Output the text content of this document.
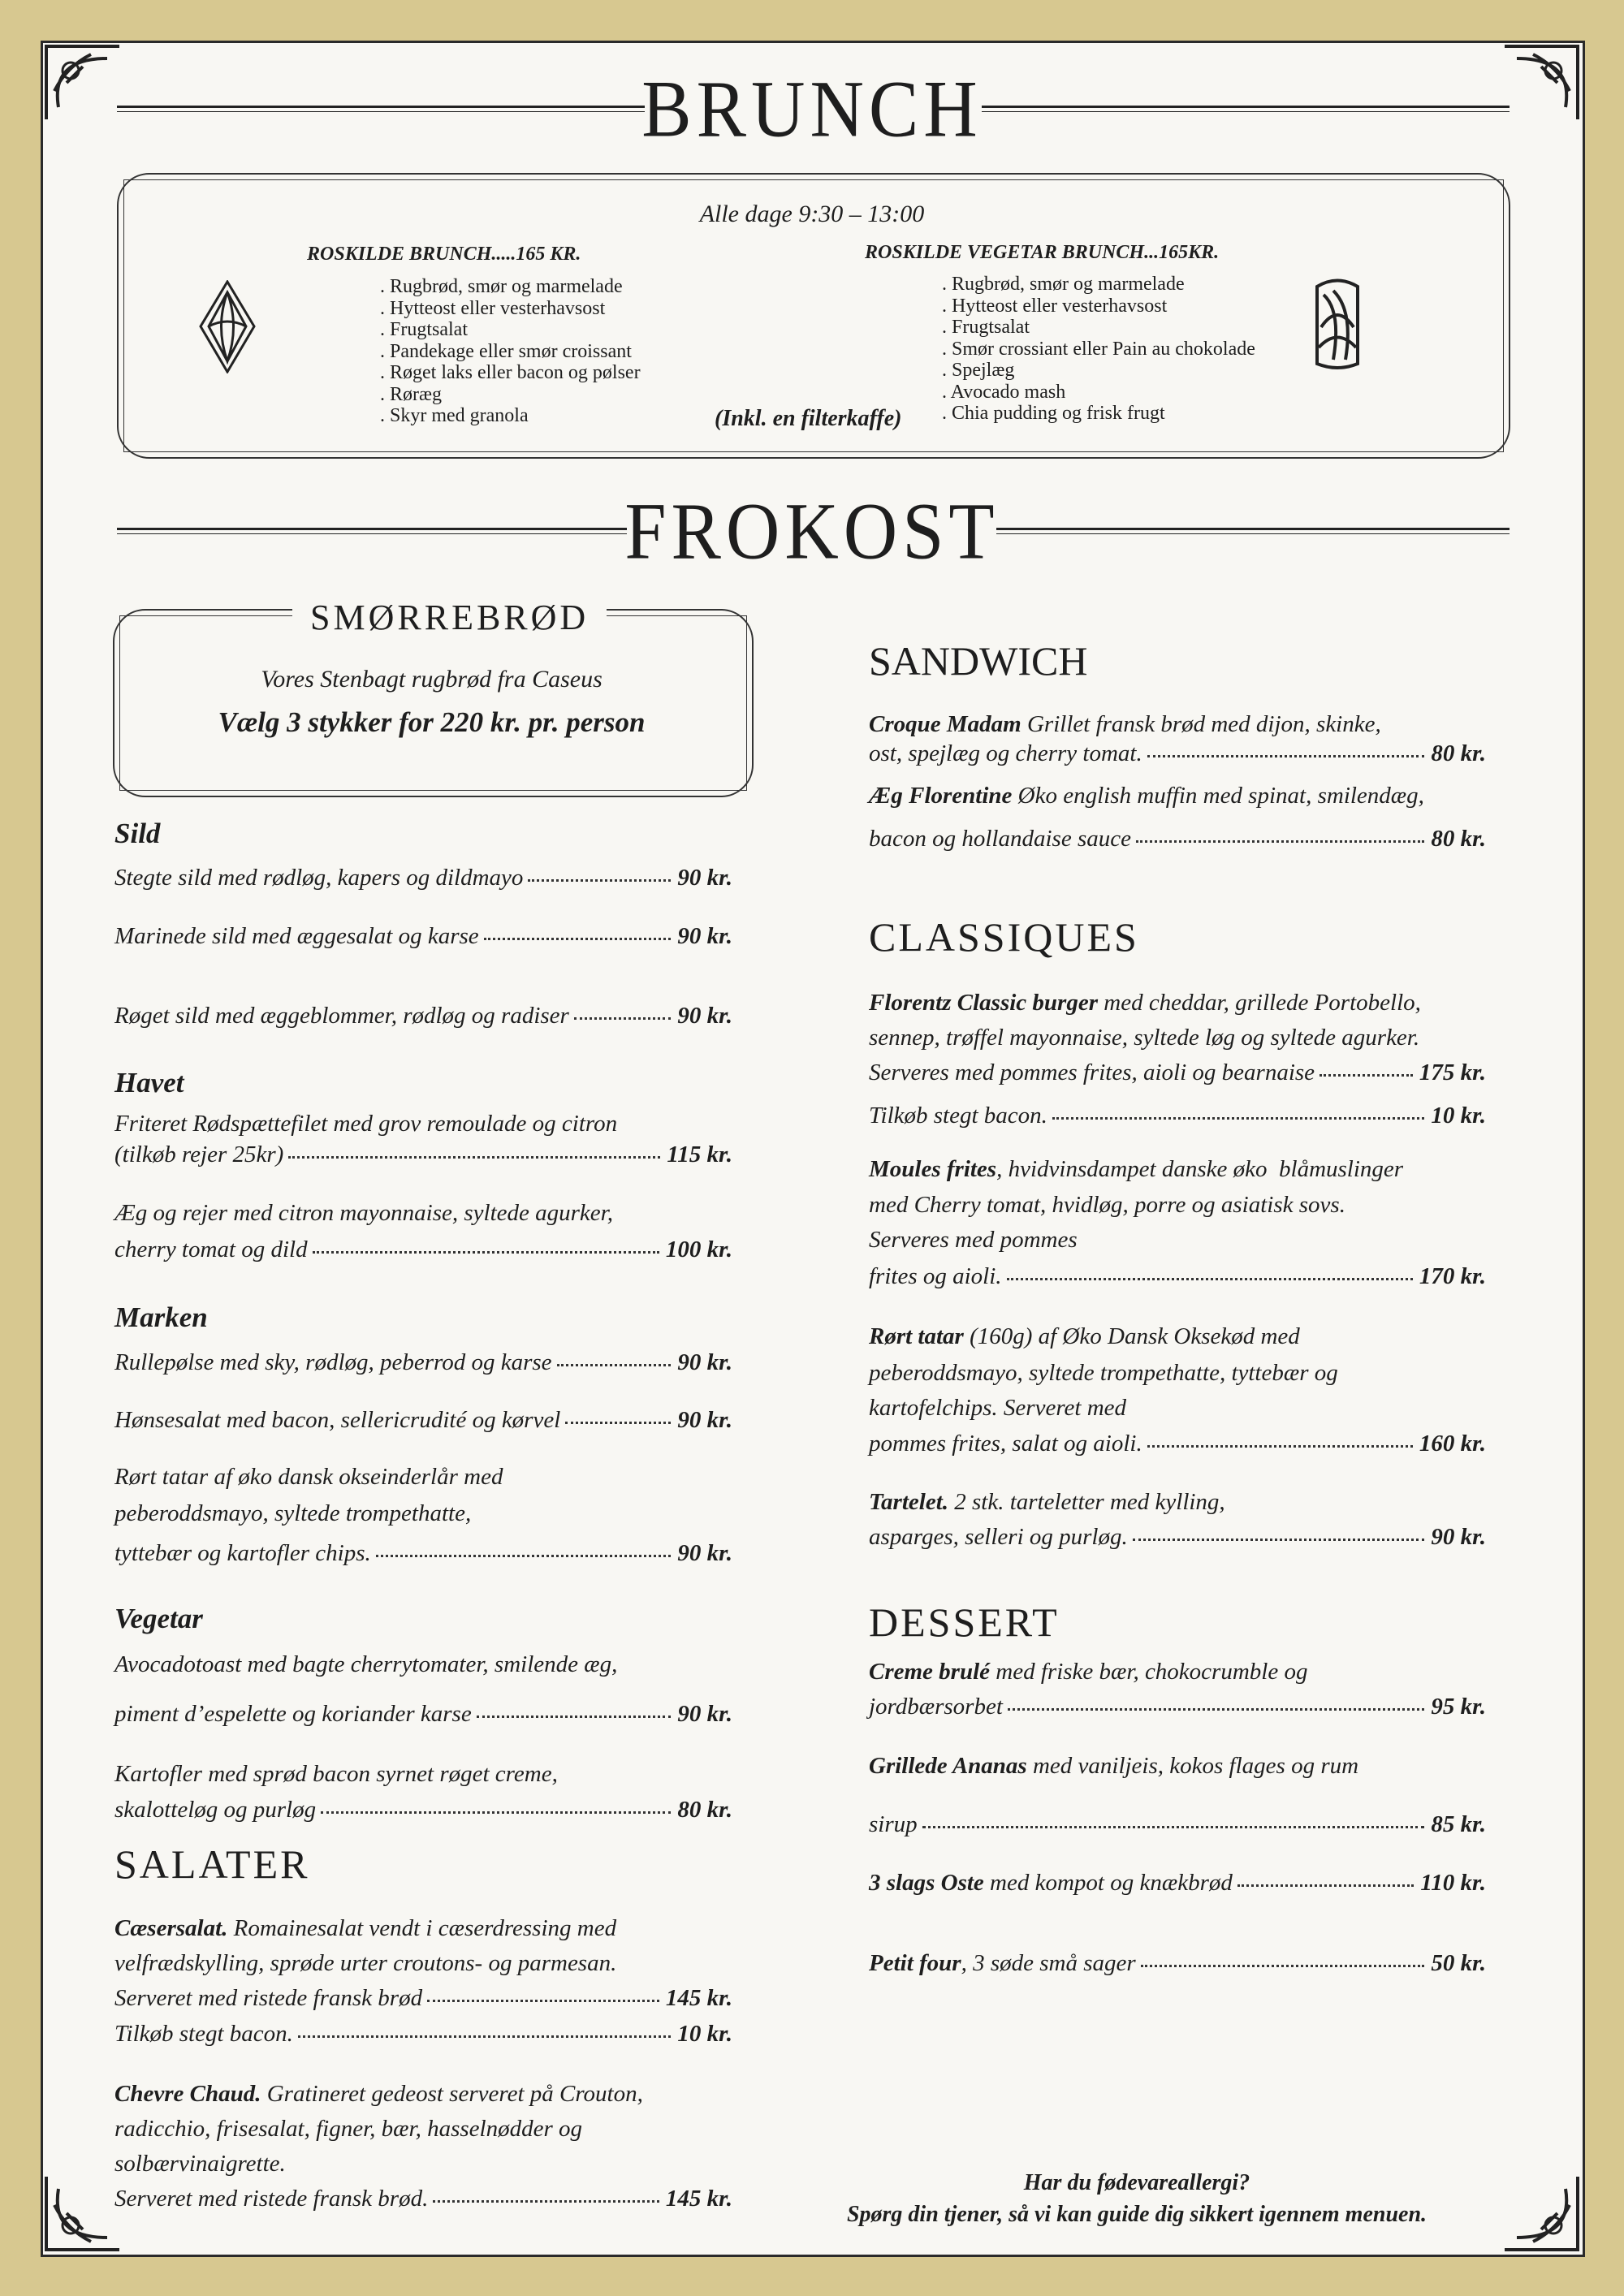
BRUNCH
Alle dage 9:30 – 13:00
ROSKILDE BRUNCH.....165 KR.
. Rugbrød, smør og marmelade
. Hytteost eller vesterhavsost
. Frugtsalat
. Pandekage eller smør croissant
. Røget laks eller bacon og pølser
. Røræg
. Skyr med granola
ROSKILDE VEGETAR BRUNCH...165KR.
. Rugbrød, smør og marmelade
. Hytteost eller vesterhavsost
. Frugtsalat
. Smør crossiant eller Pain au chokolade
. Spejlæg
. Avocado mash
. Chia pudding og frisk frugt
(Inkl. en filterkaffe)
FROKOST
SMØRREBRØD
Vores Stenbagt rugbrød fra Caseus
Vælg 3 stykker for 220 kr. pr. person
Sild
Stegte sild med rødløg, kapers og dildmayo	90 kr.
Marinede sild med æggesalat og karse	90 kr.
Røget sild med æggeblommer, rødløg og radiser	90 kr.
Havet
Friteret Rødspættefilet med grov remoulade og citron
(tilkøb rejer 25kr)	115 kr.
Æg og rejer med citron mayonnaise, syltede agurker,
cherry tomat og dild	100 kr.
Marken
Rullepølse med sky, rødløg, peberrod og karse	90 kr.
Hønsesalat med bacon, sellericrudité og kørvel	90 kr.
Rørt tatar af øko dansk okseinderlår med
peberoddsmayo, syltede trompethatte,
tyttebær og kartofler chips.	90 kr.
Vegetar
Avocadotoast med bagte cherrytomater, smilende æg,
piment d’espelette og koriander karse	90 kr.
Kartofler med sprød bacon syrnet røget creme,
skalotteløg og purløg	80 kr.
SALATER
Cæsersalat. Romainesalat vendt i cæserdressing med
velfrædskylling, sprøde urter croutons- og parmesan.
Serveret med ristede fransk brød	145 kr.
Tilkøb stegt bacon.	10 kr.
Chevre Chaud. Gratineret gedeost serveret på Crouton,
radicchio, frisesalat, figner, bær, hasselnødder og
solbærvinaigrette.
Serveret med ristede fransk brød.	145 kr.
SANDWICH
Croque Madam Grillet fransk brød med dijon, skinke,
ost, spejlæg og cherry tomat.	80 kr.
Æg Florentine Øko english muffin med spinat, smilendæg,
bacon og hollandaise sauce	80 kr.
CLASSIQUES
Florentz Classic burger med cheddar, grillede Portobello,
sennep, trøffel mayonnaise, syltede løg og syltede agurker.
Serveres med pommes frites, aioli og bearnaise	175 kr.
Tilkøb stegt bacon.	10 kr.
Moules frites , hvidvinsdampet danske øko  blåmuslinger
med Cherry tomat, hvidløg, porre og asiatisk sovs.
Serveres med pommes
frites og aioli.	170 kr.
Rørt tatar (160g) af Øko Dansk Oksekød med
peberoddsmayo, syltede trompethatte, tyttebær og
kartofelchips. Serveret med
pommes frites, salat og aioli.	160 kr.
Tartelet. 2 stk. tarteletter med kylling,
asparges, selleri og purløg.	90 kr.
DESSERT
Creme brulé med friske bær, chokocrumble og
jordbærsorbet	95 kr.
Grillede Ananas med vaniljeis, kokos flages og rum
sirup	85 kr.
3 slags Oste med kompot og knækbrød	110 kr.
Petit four , 3 søde små sager	50 kr.
Har du fødevareallergi?
Spørg din tjener, så vi kan guide dig sikkert igennem menuen.
